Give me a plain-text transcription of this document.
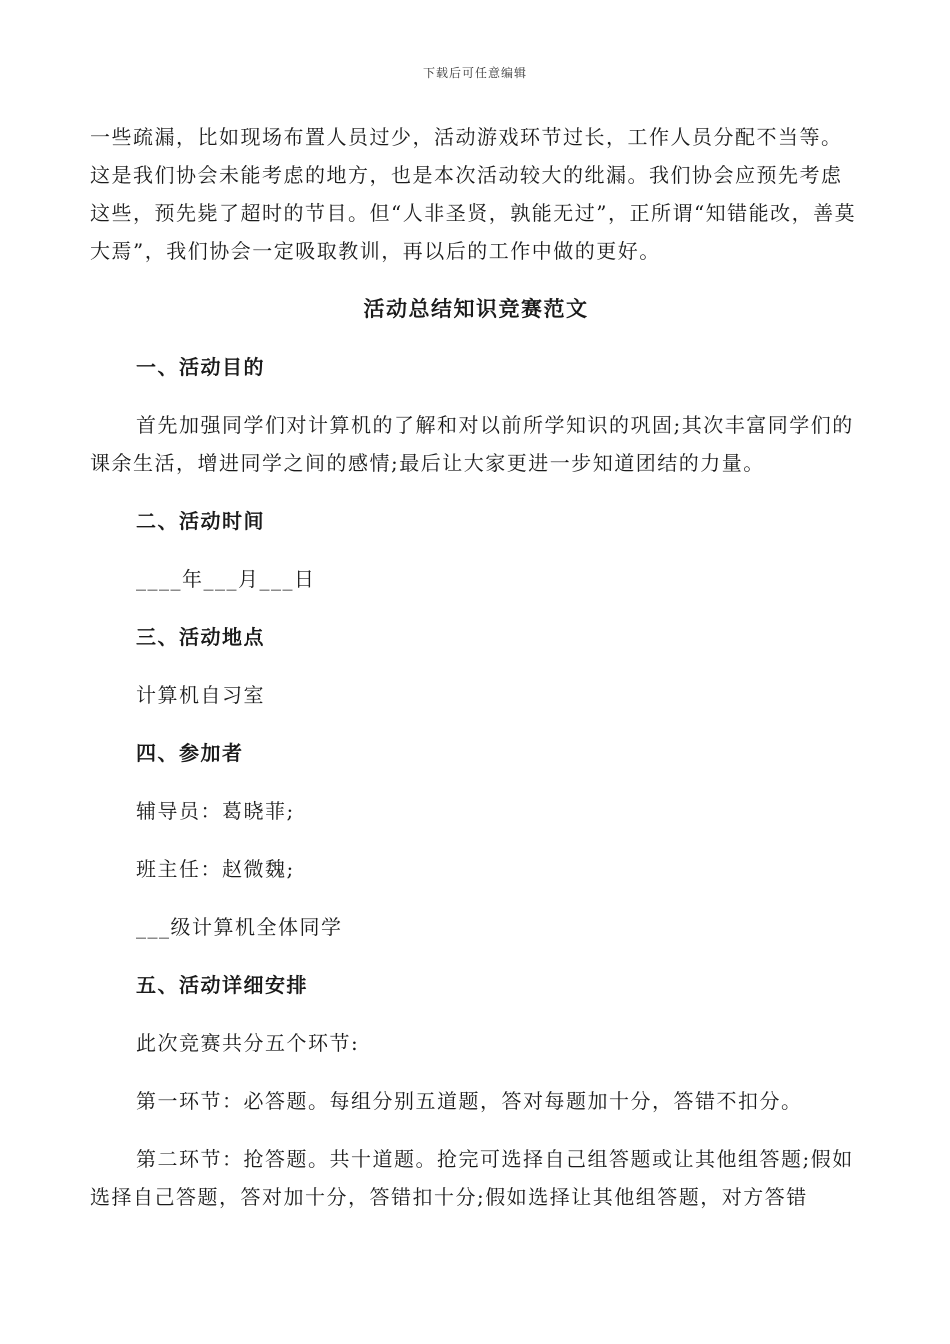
下载后可任意编辑

一些疏漏，比如现场布置人员过少，活动游戏环节过长，工作人员分配不当等。这是我们协会未能考虑的地方，也是本次活动较大的纰漏。我们协会应预先考虑这些，预先毙了超时的节目。但“人非圣贤，孰能无过”，正所谓“知错能改，善莫大焉”，我们协会一定吸取教训，再以后的工作中做的更好。

活动总结知识竞赛范文

一、活动目的

首先加强同学们对计算机的了解和对以前所学知识的巩固;其次丰富同学们的课余生活，增进同学之间的感情;最后让大家更进一步知道团结的力量。

二、活动时间

____年___月___日

三、活动地点

计算机自习室

四、参加者

辅导员：葛晓菲;

班主任：赵微魏;

___级计算机全体同学

五、活动详细安排

此次竞赛共分五个环节:

第一环节：必答题。每组分别五道题，答对每题加十分，答错不扣分。

第二环节：抢答题。共十道题。抢完可选择自己组答题或让其他组答题;假如选择自己答题，答对加十分，答错扣十分;假如选择让其他组答题，对方答错
